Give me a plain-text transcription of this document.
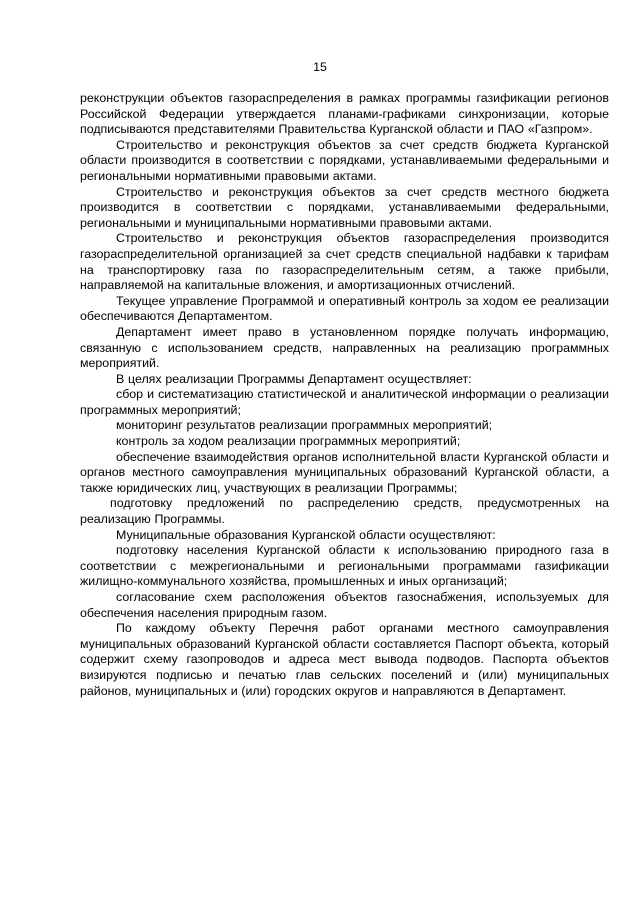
15

реконструкции объектов газораспределения в рамках программы газификации регионов Российской Федерации утверждается планами-графиками синхронизации, которые подписываются представителями Правительства Курганской области и ПАО «Газпром».

Строительство и реконструкция объектов за счет средств бюджета Курганской области производится в соответствии с порядками, устанавливаемыми федеральными и региональными нормативными правовыми актами.

Строительство и реконструкция объектов за счет средств местного бюджета производится в соответствии с порядками, устанавливаемыми федеральными, региональными и муниципальными нормативными правовыми актами.

Строительство и реконструкция объектов газораспределения производится газораспределительной организацией за счет средств специальной надбавки к тарифам на транспортировку газа по газораспределительным сетям, а также прибыли, направляемой на капитальные вложения, и амортизационных отчислений.

Текущее управление Программой и оперативный контроль за ходом ее реализации обеспечиваются Департаментом.

Департамент имеет право в установленном порядке получать информацию, связанную с использованием средств, направленных на реализацию программных мероприятий.

В целях реализации Программы Департамент осуществляет:

сбор и систематизацию статистической и аналитической информации о реализации программных мероприятий;

мониторинг результатов реализации программных мероприятий;

контроль за ходом реализации программных мероприятий;

обеспечение взаимодействия органов исполнительной власти Курганской области и органов местного самоуправления муниципальных образований Курганской области, а также юридических лиц, участвующих в реализации Программы;

подготовку предложений по распределению средств, предусмотренных на реализацию Программы.

Муниципальные образования Курганской области осуществляют:

подготовку населения Курганской области к использованию природного газа в соответствии с межрегиональными и региональными программами газификации жилищно-коммунального хозяйства, промышленных и иных организаций;

согласование схем расположения объектов газоснабжения, используемых для обеспечения населения природным газом.

По каждому объекту Перечня работ органами местного самоуправления муниципальных образований Курганской области составляется Паспорт объекта, который содержит схему газопроводов и адреса мест вывода подводов. Паспорта объектов визируются подписью и печатью глав сельских поселений и (или) муниципальных районов, муниципальных и (или) городских округов и направляются в Департамент.
